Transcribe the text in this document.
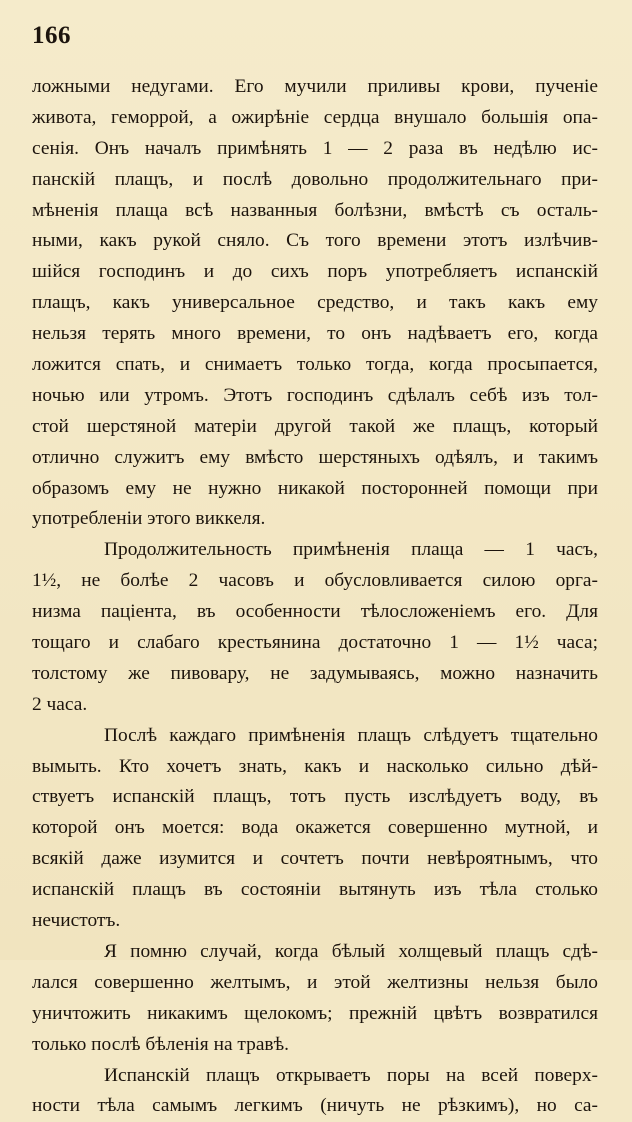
166
ложными недугами. Его мучили приливы крови, пученіе
живота, геморрой, а ожирѣніе сердца внушало большія опа-
сенія. Онъ началъ примѣнять 1 — 2 раза въ недѣлю ис-
панскій плащъ, и послѣ довольно продолжительнаго при-
мѣненія плаща всѣ названныя болѣзни, вмѣстѣ съ осталь-
ными, какъ рукой сняло. Съ того времени этотъ излѣчив-
шійся господинъ и до сихъ поръ употребляетъ испанскій
плащъ, какъ универсальное средство, и такъ какъ ему
нельзя терять много времени, то онъ надѣваетъ его, когда
ложится спать, и снимаетъ только тогда, когда просыпается,
ночью или утромъ. Этотъ господинъ сдѣлалъ себѣ изъ тол-
стой шерстяной матеріи другой такой же плащъ, который
отлично служитъ ему вмѣсто шерстяныхъ одѣялъ, и такимъ
образомъ ему не нужно никакой посторонней помощи при
употребленіи этого виккеля.
Продолжительность примѣненія плаща — 1 часъ,
1½, не болѣе 2 часовъ и обусловливается силою орга-
низма паціента, въ особенности тѣлосложеніемъ его. Для
тощаго и слабаго крестьянина достаточно 1 — 1½ часа;
толстому же пивовару, не задумываясь, можно назначить
2 часа.
Послѣ каждаго примѣненія плащъ слѣдуетъ тщательно
вымыть. Кто хочетъ знать, какъ и насколько сильно дѣй-
ствуетъ испанскій плащъ, тотъ пусть изслѣдуетъ воду, въ
которой онъ моется: вода окажется совершенно мутной, и
всякій даже изумится и сочтетъ почти невѣроятнымъ, что
испанскій плащъ въ состояніи вытянуть изъ тѣла столько
нечистотъ.
Я помню случай, когда бѣлый холщевый плащъ сдѣ-
лался совершенно желтымъ, и этой желтизны нельзя было
уничтожить никакимъ щелокомъ; прежній цвѣтъ возвратился
только послѣ бѣленія на травѣ.
Испанскій плащъ открываетъ поры на всей поверх-
ности тѣла самымъ легкимъ (ничуть не рѣзкимъ), но са-
